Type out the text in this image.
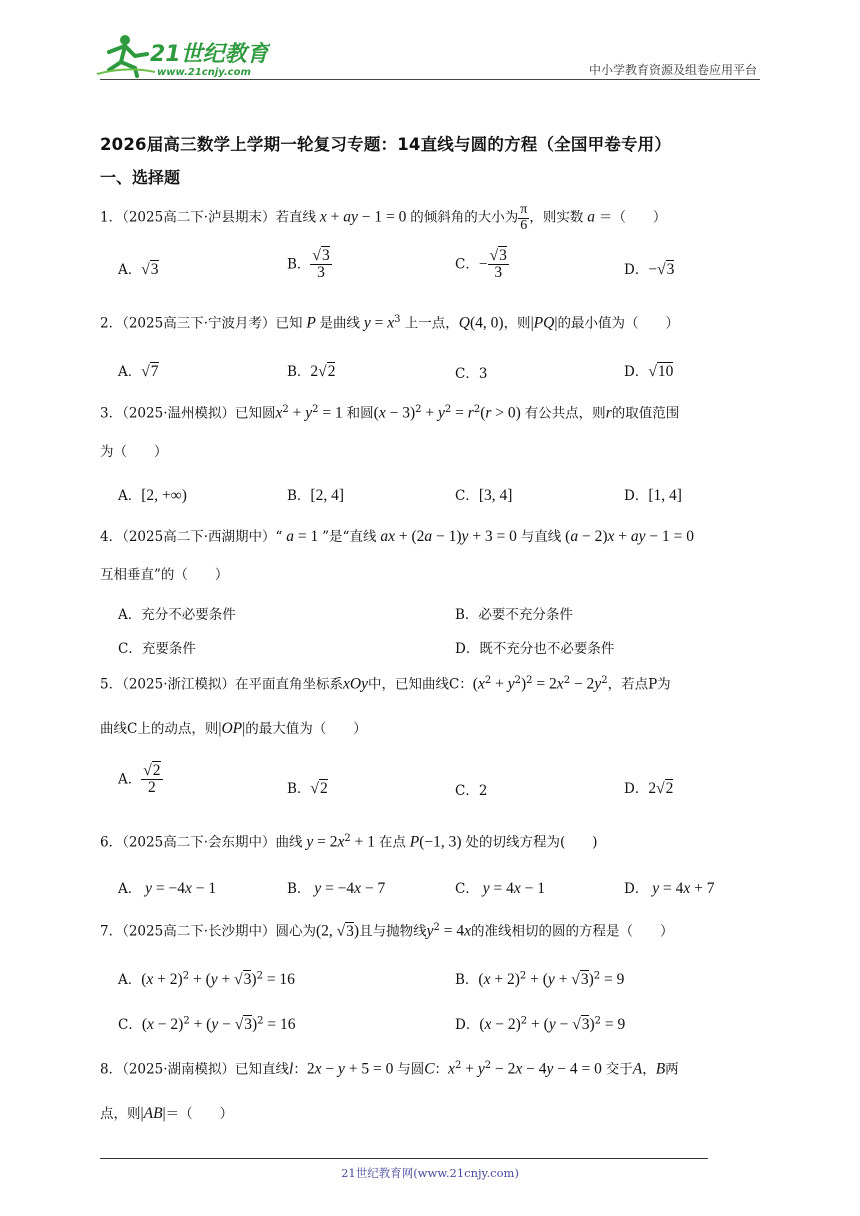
21世纪教育
www.21cnjy.com	中小学教育资源及组卷应用平台
2026届高三数学上学期一轮复习专题：14直线与圆的方程（全国甲卷专用）
一、选择题
1．（2025高二下·泸县期末）若直线 x + ay − 1 = 0 的倾斜角的大小为 $\frac{\pi}{6}$ ，则实数 a ＝（　　）
A．√3	B． $\frac{√3}{3}$	C．− $\frac{√3}{3}$	D．−√3
2．（2025高三下·宁波月考）已知 P 是曲线 $y = x^3$ 上一点，Q(4, 0)，则|PQ|的最小值为（　　）
A．√7	B．2√2	C．3	D．√10
3．（2025·温州模拟）已知圆$x^2 + y^2 = 1$ 和圆$(x - 3)^2 + y^2 = r^2(r > 0)$ 有公共点，则r的取值范围
为（　　）
A．[2, +∞)	B．[2, 4]	C．[3, 4]	D．[1, 4]
4．（2025高二下·西湖期中）“ a = 1 ”是“直线 ax + (2a − 1)y + 3 = 0 与直线 (a − 2)x + ay − 1 = 0
互相垂直”的（　　）
A．充分不必要条件	B．必要不充分条件
C．充要条件	D．既不充分也不必要条件
5．（2025·浙江模拟）在平面直角坐标系xOy中，已知曲线C：$(x^2 + y^2)^2 = 2x^2 - 2y^2$，若点P为
曲线C上的动点，则|OP|的最大值为（　　）
A． $\frac{√2}{2}$	B．√2	C．2	D．2√2
6．（2025高二下·会东期中）曲线 $y = 2x^2 + 1$ 在点 P(−1, 3) 处的切线方程为(　　)
A． y = −4x − 1	B． y = −4x − 7	C． y = 4x − 1	D． y = 4x + 7
7．（2025高二下·长沙期中）圆心为(2, √3)且与抛物线$y^2 = 4x$的准线相切的圆的方程是（　　）
A．$(x + 2)^2 + (y + √3)^2 = 16$	B．$(x + 2)^2 + (y + √3)^2 = 9$
C．$(x - 2)^2 + (y - √3)^2 = 16$	D．$(x - 2)^2 + (y - √3)^2 = 9$
8．（2025·湖南模拟）已知直线l：2x − y + 5 = 0 与圆C：$x^2 + y^2 - 2x - 4y - 4 = 0$ 交于A，B两
点，则|AB|＝（　　）
21世纪教育网(www.21cnjy.com)
